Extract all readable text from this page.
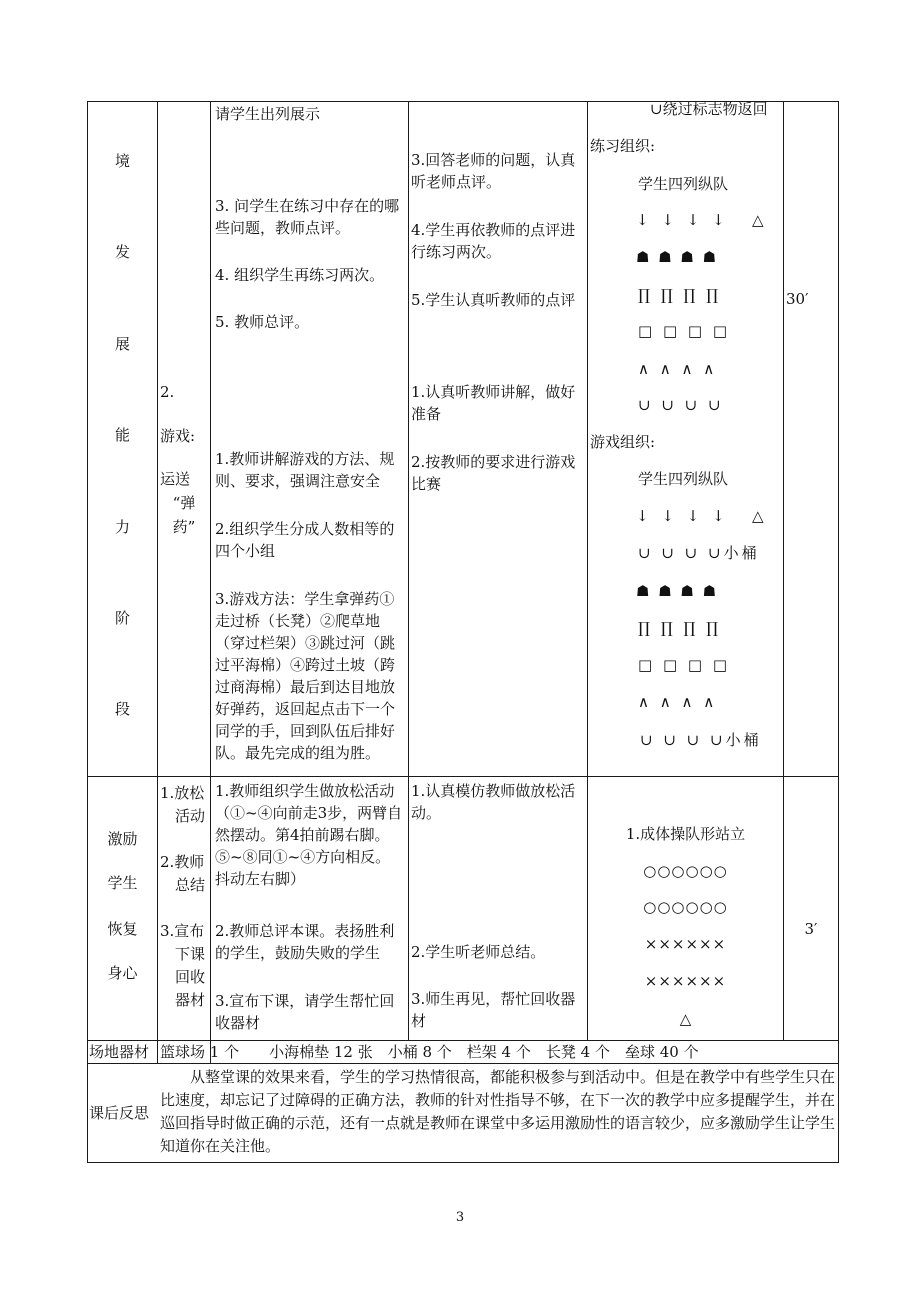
境
发
展
能
力
阶
段
2.
游戏:
运送
“弹
药”
请学生出列展示
3. 问学生在练习中存在的哪些问题，教师点评。
4. 组织学生再练习两次。
5. 教师总评。
1.教师讲解游戏的方法、规则、要求，强调注意安全
2.组织学生分成人数相等的四个小组
3.游戏方法：学生拿弹药①走过桥（长凳）②爬草地（穿过栏架）③跳过河（跳过平海棉）④跨过土坡（跨过商海棉）最后到达目地放好弹药，返回起点击下一个同学的手，回到队伍后排好队。最先完成的组为胜。
3.回答老师的问题，认真听老师点评。
4.学生再依教师的点评进行练习两次。
5.学生认真听教师的点评
1.认真听教师讲解，做好准备
2.按教师的要求进行游戏比赛
∪绕过标志物返回
练习组织:
学生四列纵队
↓ ↓ ↓ ↓ △
☗ ☗ ☗ ☗
∏ ∏ ∏ ∏
□ □ □ □
∧ ∧ ∧ ∧
∪ ∪ ∪ ∪
游戏组织:
学生四列纵队
↓ ↓ ↓ ↓ △
∪ ∪ ∪ ∪小桶
☗ ☗ ☗ ☗
∏ ∏ ∏ ∏
□ □ □ □
∧ ∧ ∧ ∧
∪ ∪ ∪ ∪小桶
30′
激励
学生
恢复
身心
1.放松
活动
2.教师
总结
3.宣布
下课
回收
器材
1.教师组织学生做放松活动（①~④向前走3步，两臂自然摆动。第4拍前踢右脚。⑤~⑧同①~④方向相反。抖动左右脚）
2.教师总评本课。表扬胜利的学生，鼓励失败的学生
3.宣布下课，请学生帮忙回收器材
1.认真模仿教师做放松活动。
2.学生听老师总结。
3.师生再见，帮忙回收器材
1.成体操队形站立
○○○○○○
○○○○○○
××××××
××××××
△
3′
场地器材 篮球场 1 个　　小海棉垫 12 张　小桶 8 个　栏架 4 个　长凳 4 个　垒球 40 个
课后反思
从整堂课的效果来看，学生的学习热情很高，都能积极参与到活动中。但是在教学中有些学生只在比速度，却忘记了过障碍的正确方法，教师的针对性指导不够，在下一次的教学中应多提醒学生，并在巡回指导时做正确的示范，还有一点就是教师在课堂中多运用激励性的语言较少，应多激励学生让学生知道你在关注他。
3
